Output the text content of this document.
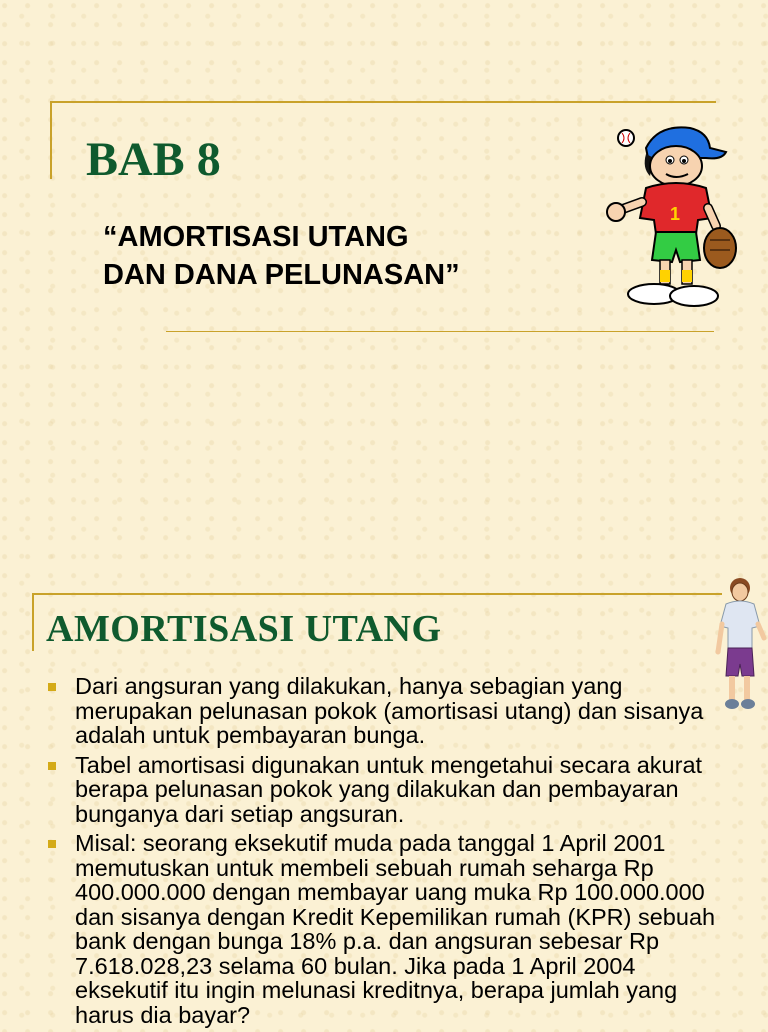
BAB 8
“AMORTISASI UTANG
DAN DANA PELUNASAN”
1
AMORTISASI UTANG
Dari angsuran yang dilakukan, hanya sebagian yang merupakan pelunasan pokok (amortisasi utang) dan sisanya adalah untuk pembayaran bunga.
Tabel amortisasi digunakan untuk mengetahui secara akurat berapa pelunasan pokok yang dilakukan dan pembayaran bunganya dari setiap angsuran.
Misal: seorang eksekutif muda pada tanggal 1 April 2001 memutuskan untuk membeli sebuah rumah seharga Rp 400.000.000 dengan membayar uang muka Rp 100.000.000 dan sisanya dengan Kredit Kepemilikan rumah (KPR) sebuah bank dengan bunga 18% p.a. dan angsuran sebesar Rp 7.618.028,23 selama 60 bulan. Jika pada 1 April 2004 eksekutif itu ingin melunasi kreditnya, berapa jumlah yang harus dia bayar?
